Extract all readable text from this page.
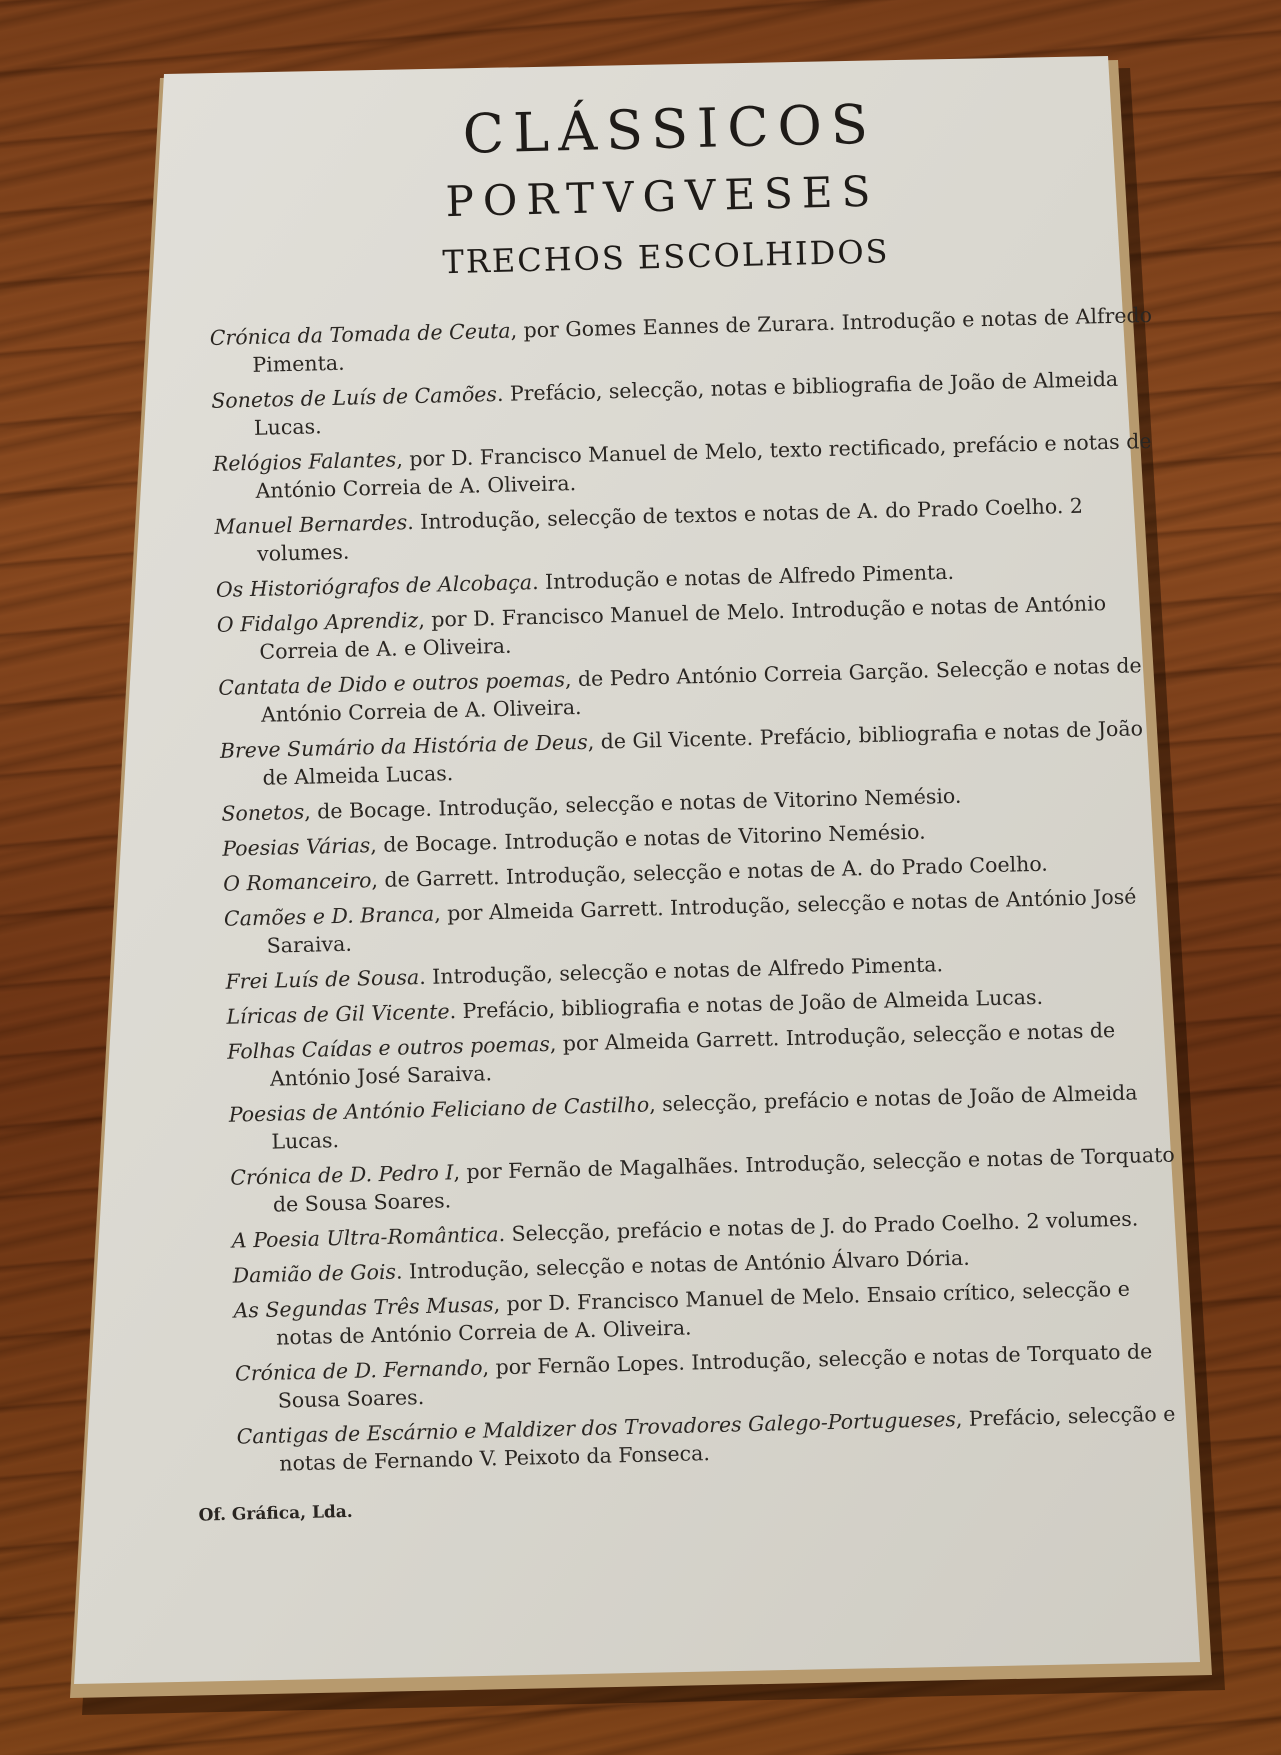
CLÁSSICOS
PORTVGVESES
TRECHOS ESCOLHIDOS
Crónica da Tomada de Ceuta, por Gomes Eannes de Zurara. Introdução e notas de Alfredo Pimenta.
Sonetos de Luís de Camões. Prefácio, selecção, notas e bibliografia de João de Almeida Lucas.
Relógios Falantes, por D. Francisco Manuel de Melo, texto rectificado, prefácio e notas de António Correia de A. Oliveira.
Manuel Bernardes. Introdução, selecção de textos e notas de A. do Prado Coelho. 2 volumes.
Os Historiógrafos de Alcobaça. Introdução e notas de Alfredo Pimenta.
O Fidalgo Aprendiz, por D. Francisco Manuel de Melo. Introdução e notas de António Correia de A. e Oliveira.
Cantata de Dido e outros poemas, de Pedro António Correia Garção. Selecção e notas de António Correia de A. Oliveira.
Breve Sumário da História de Deus, de Gil Vicente. Prefácio, bibliografia e notas de João de Almeida Lucas.
Sonetos, de Bocage. Introdução, selecção e notas de Vitorino Nemésio.
Poesias Várias, de Bocage. Introdução e notas de Vitorino Nemésio.
O Romanceiro, de Garrett. Introdução, selecção e notas de A. do Prado Coelho.
Camões e D. Branca, por Almeida Garrett. Introdução, selecção e notas de António José Saraiva.
Frei Luís de Sousa. Introdução, selecção e notas de Alfredo Pimenta.
Líricas de Gil Vicente. Prefácio, bibliografia e notas de João de Almeida Lucas.
Folhas Caídas e outros poemas, por Almeida Garrett. Introdução, selecção e notas de António José Saraiva.
Poesias de António Feliciano de Castilho, selecção, prefácio e notas de João de Almeida Lucas.
Crónica de D. Pedro I, por Fernão de Magalhães. Introdução, selecção e notas de Torquato de Sousa Soares.
A Poesia Ultra-Romântica. Selecção, prefácio e notas de J. do Prado Coelho. 2 volumes.
Damião de Gois. Introdução, selecção e notas de António Álvaro Dória.
As Segundas Três Musas, por D. Francisco Manuel de Melo. Ensaio crítico, selecção e notas de António Correia de A. Oliveira.
Crónica de D. Fernando, por Fernão Lopes. Introdução, selecção e notas de Torquato de Sousa Soares.
Cantigas de Escárnio e Maldizer dos Trovadores Galego-Portugueses, Prefácio, selecção e notas de Fernando V. Peixoto da Fonseca.
Of. Gráfica, Lda.
